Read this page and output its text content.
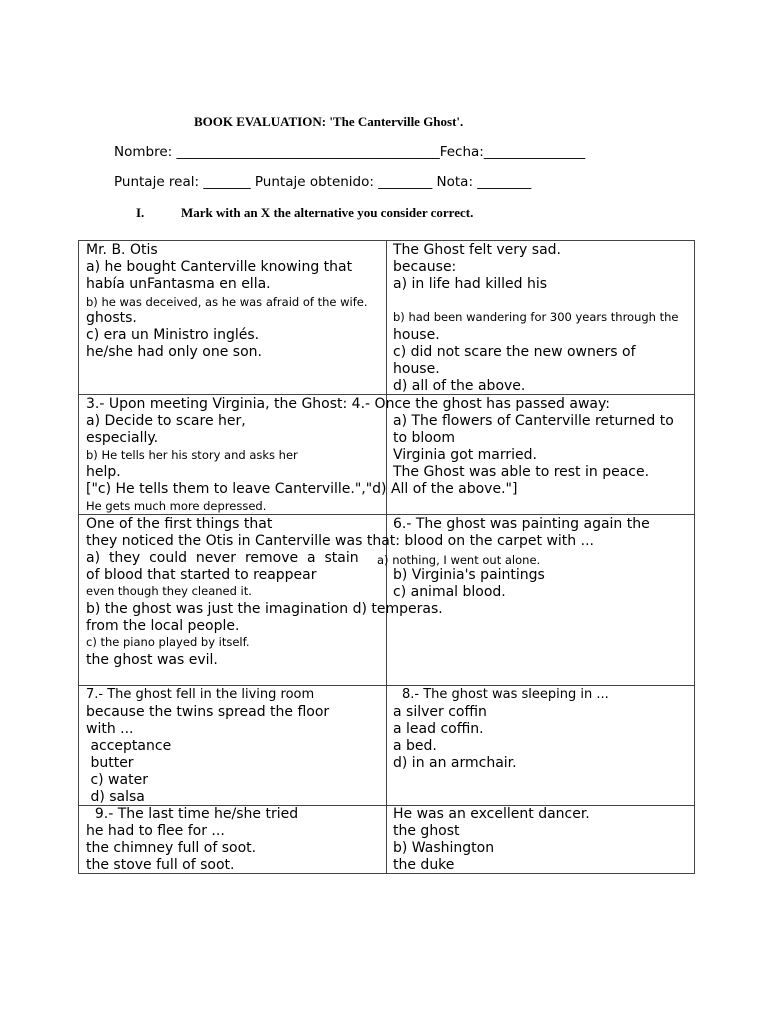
BOOK EVALUATION: 'The Canterville Ghost'.
Nombre: _______________________________________Fecha:_______________
Puntaje real: _______ Puntaje obtenido: ________ Nota: ________
I.	Mark with an X the alternative you consider correct.
Mr. B. Otis
a) he bought Canterville knowing that
había unFantasma en ella.
b) he was deceived, as he was afraid of the wife.
ghosts.
c) era un Ministro inglés.
he/she had only one son.
The Ghost felt very sad.
because:
a) in life had killed his
b) had been wandering for 300 years through the
house.
c) did not scare the new owners of
house.
d) all of the above.
3.- Upon meeting Virginia, the Ghost: 4.- Once the ghost has passed away:
a) Decide to scare her,
especially.
b) He tells her his story and asks her
help.
["c) He tells them to leave Canterville.","d) All of the above."]
He gets much more depressed.
a) The flowers of Canterville returned to
to bloom
Virginia got married.
The Ghost was able to rest in peace.
One of the first things that
they noticed the Otis in Canterville was that: blood on the carpet with ...
a)  they  could  never  remove  a  stain
of blood that started to reappear
even though they cleaned it.
b) the ghost was just the imagination d) temperas.
from the local people.
c) the piano played by itself.
the ghost was evil.
6.- The ghost was painting again the
a) nothing, I went out alone.
b) Virginia's paintings
c) animal blood.
7.- The ghost fell in the living room
because the twins spread the floor
with ...
acceptance
butter
c) water
d) salsa
8.- The ghost was sleeping in ...
a silver coffin
a lead coffin.
a bed.
d) in an armchair.
9.- The last time he/she tried
he had to flee for ...
the chimney full of soot.
the stove full of soot.
He was an excellent dancer.
the ghost
b) Washington
the duke
